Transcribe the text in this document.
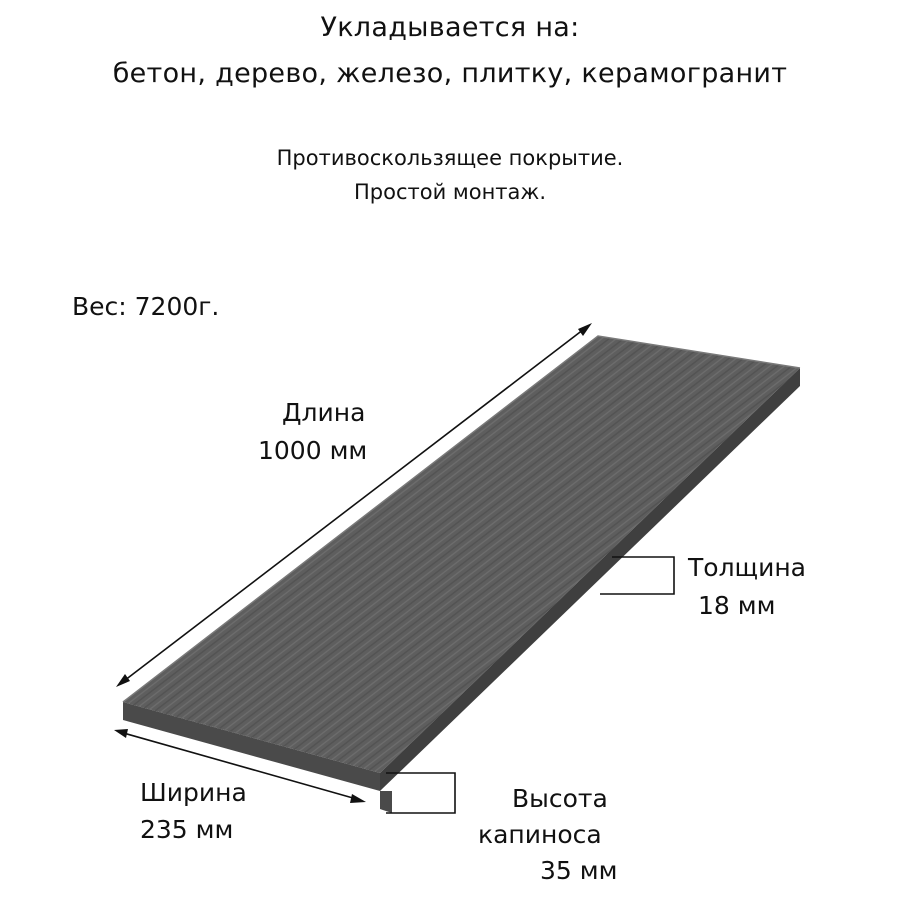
Укладывается на:
бетон, дерево, железо, плитку, керамогранит
Противоскользящее покрытие.
Простой монтаж.
Вес: 7200г.
Длина
1000 мм
Толщина
18 мм
Ширина
235 мм
Высота
капиноса
35 мм
